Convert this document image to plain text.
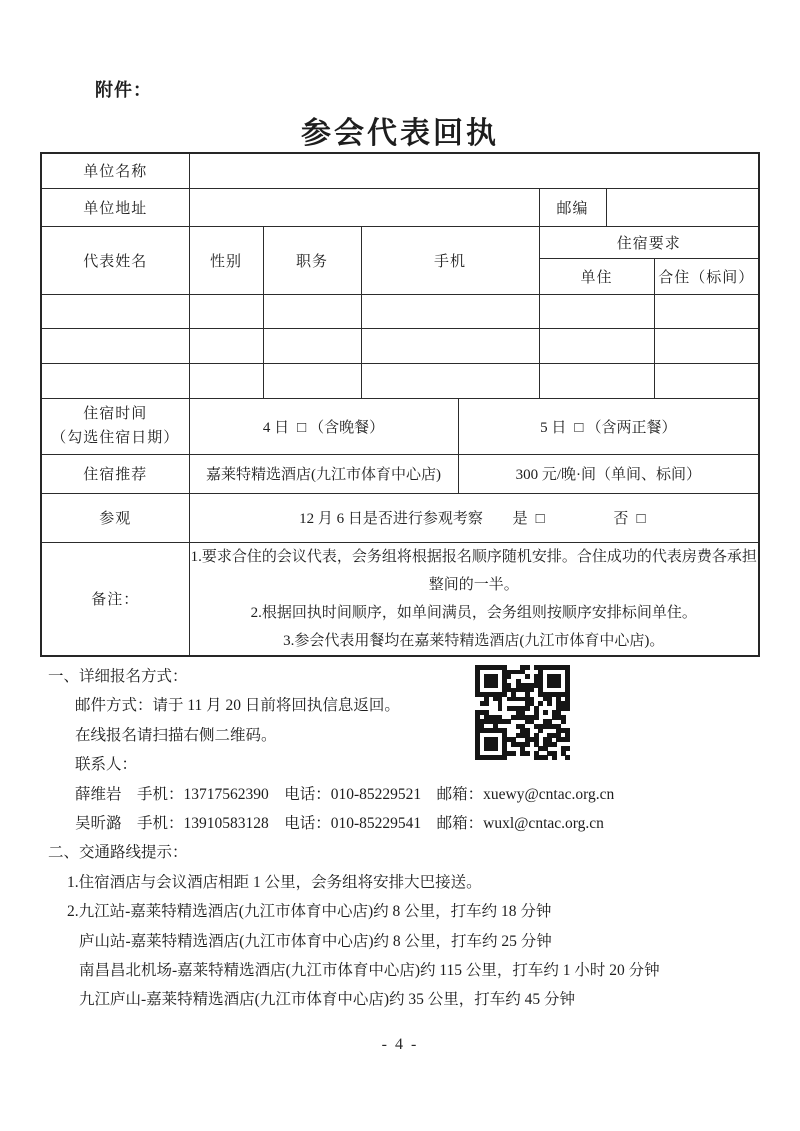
附件：
参会代表回执
单位名称							
单位地址					邮编		
代表姓名	性别	职务	手机		住宿要求		
					单住		合住（标间）

住宿时间
（勾选住宿日期）	4 日 □ （含晚餐）			5 日 □ （含两正餐）			
住宿推荐	嘉莱特精选酒店(九江市体育中心店)			300 元/晚·间（单间、标间）			
参观	12 月 6 日是否进行参观考察 是 □ 否 □						
备注：	1.要求合住的会议代表，会务组将根据报名顺序随机安排。合住成功的代表房费各承担整间的一半。
2.根据回执时间顺序，如单间满员，会务组则按顺序安排标间单住。
3.参会代表用餐均在嘉莱特精选酒店(九江市体育中心店)。						
一、详细报名方式：
邮件方式：请于 11 月 20 日前将回执信息返回。
在线报名请扫描右侧二维码。
联系人：
薛维岩　手机：13717562390　电话：010-85229521　邮箱：xuewy@cntac.org.cn
吴昕潞　手机：13910583128　电话：010-85229541　邮箱：wuxl@cntac.org.cn
二、交通路线提示：
1.住宿酒店与会议酒店相距 1 公里，会务组将安排大巴接送。
2.九江站-嘉莱特精选酒店(九江市体育中心店)约 8 公里，打车约 18 分钟
庐山站-嘉莱特精选酒店(九江市体育中心店)约 8 公里，打车约 25 分钟
南昌昌北机场-嘉莱特精选酒店(九江市体育中心店)约 115 公里，打车约 1 小时 20 分钟
九江庐山-嘉莱特精选酒店(九江市体育中心店)约 35 公里，打车约 45 分钟
- 4 -
